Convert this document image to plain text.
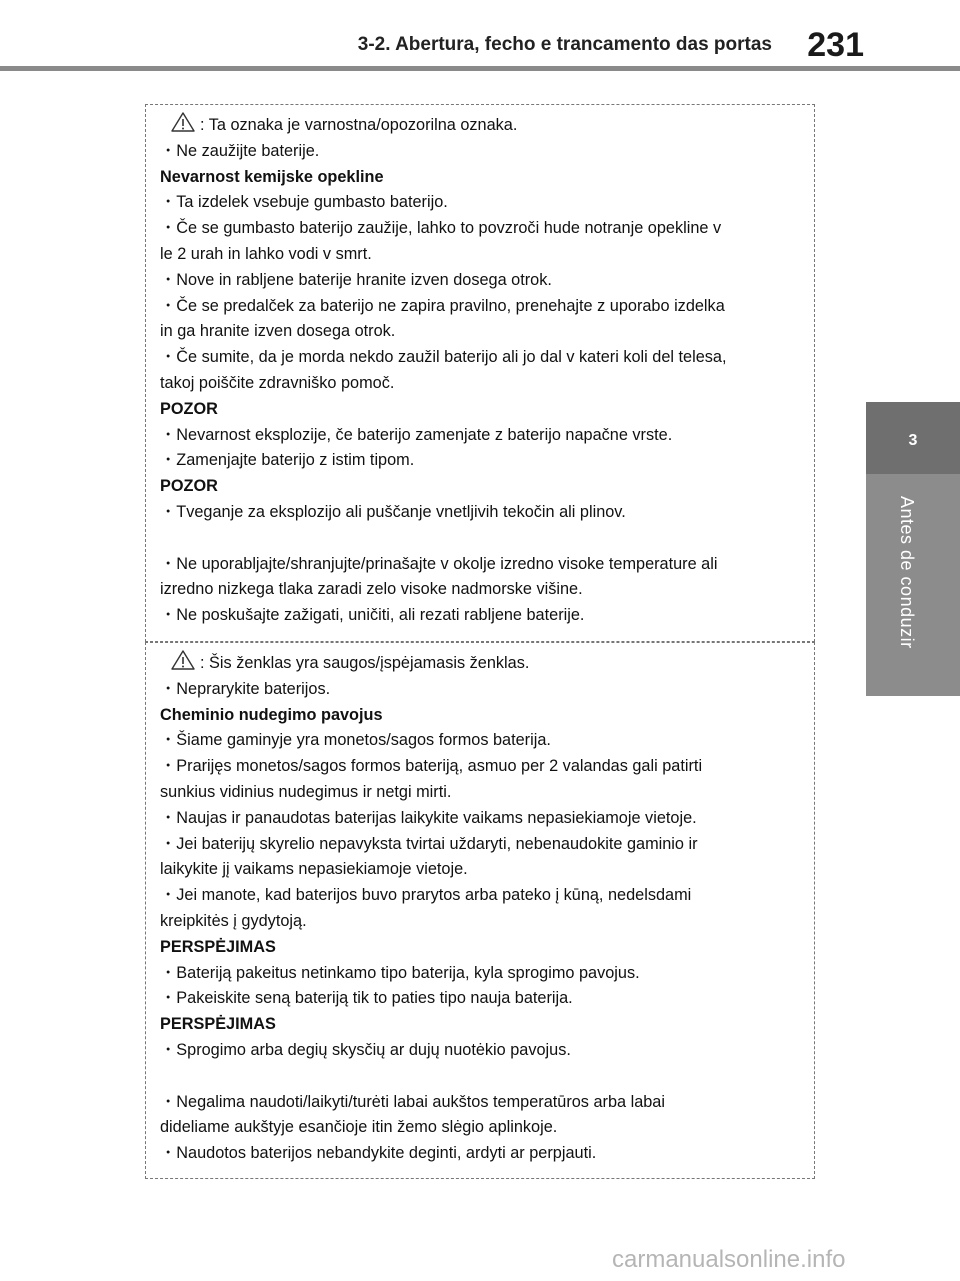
3-2. Abertura, fecho e trancamento das portas 231
3
Antes de conduzir
: Ta oznaka je varnostna/opozorilna oznaka.
・Ne zaužijte baterije.
Nevarnost kemijske opekline
・Ta izdelek vsebuje gumbasto baterijo.
・Če se gumbasto baterijo zaužije, lahko to povzroči hude notranje opekline v
le 2 urah in lahko vodi v smrt.
・Nove in rabljene baterije hranite izven dosega otrok.
・Če se predalček za baterijo ne zapira pravilno, prenehajte z uporabo izdelka
in ga hranite izven dosega otrok.
・Če sumite, da je morda nekdo zaužil baterijo ali jo dal v kateri koli del telesa,
takoj poiščite zdravniško pomoč.
POZOR
・Nevarnost eksplozije, če baterijo zamenjate z baterijo napačne vrste.
・Zamenjajte baterijo z istim tipom.
POZOR
・Tveganje za eksplozijo ali puščanje vnetljivih tekočin ali plinov.
・Ne uporabljajte/shranjujte/prinašajte v okolje izredno visoke temperature ali
izredno nizkega tlaka zaradi zelo visoke nadmorske višine.
・Ne poskušajte zažigati, uničiti, ali rezati rabljene baterije.
: Šis ženklas yra saugos/įspėjamasis ženklas.
・Neprarykite baterijos.
Cheminio nudegimo pavojus
・Šiame gaminyje yra monetos/sagos formos baterija.
・Prarijęs monetos/sagos formos bateriją, asmuo per 2 valandas gali patirti
sunkius vidinius nudegimus ir netgi mirti.
・Naujas ir panaudotas baterijas laikykite vaikams nepasiekiamoje vietoje.
・Jei baterijų skyrelio nepavyksta tvirtai uždaryti, nebenaudokite gaminio ir
laikykite jį vaikams nepasiekiamoje vietoje.
・Jei manote, kad baterijos buvo prarytos arba pateko į kūną, nedelsdami
kreipkitės į gydytoją.
PERSPĖJIMAS
・Bateriją pakeitus netinkamo tipo baterija, kyla sprogimo pavojus.
・Pakeiskite seną bateriją tik to paties tipo nauja baterija.
PERSPĖJIMAS
・Sprogimo arba degių skysčių ar dujų nuotėkio pavojus.
・Negalima naudoti/laikyti/turėti labai aukštos temperatūros arba labai
dideliame aukštyje esančioje itin žemo slėgio aplinkoje.
・Naudotos baterijos nebandykite deginti, ardyti ar perpjauti.
carmanualsonline.info
